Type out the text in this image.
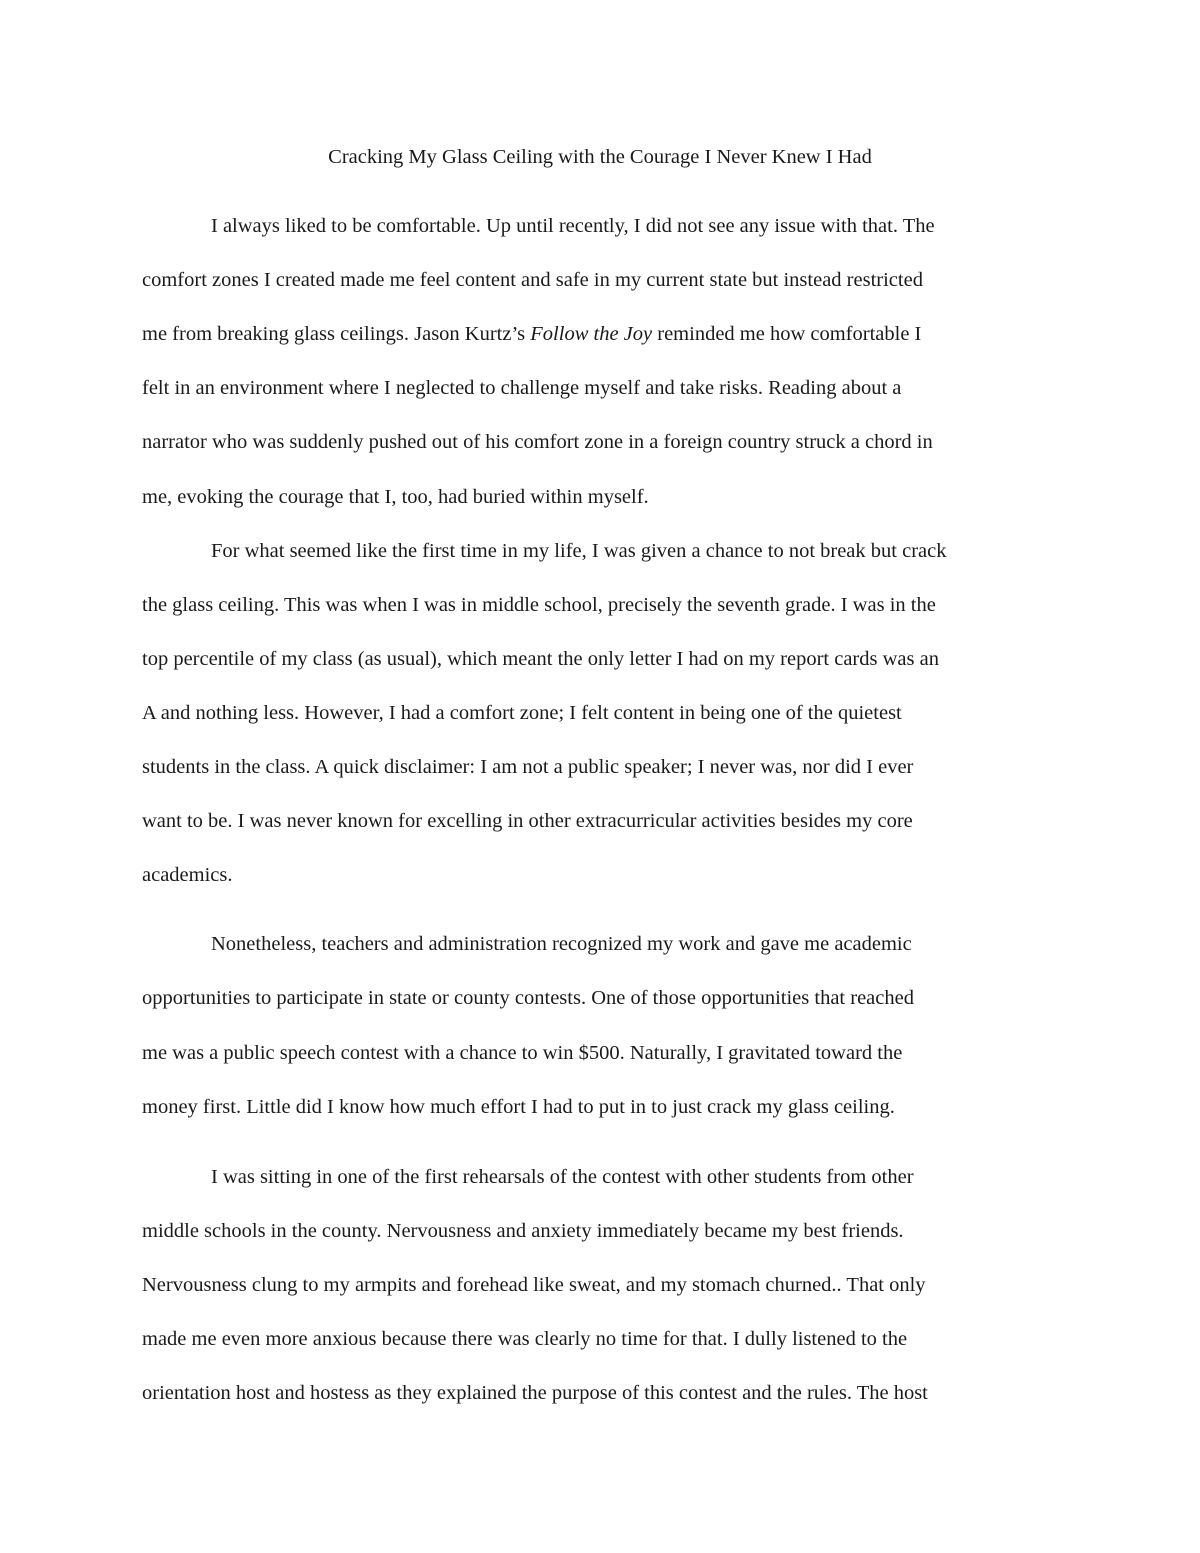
Cracking My Glass Ceiling with the Courage I Never Knew I Had
I always liked to be comfortable. Up until recently, I did not see any issue with that. The
comfort zones I created made me feel content and safe in my current state but instead restricted
me from breaking glass ceilings. Jason Kurtz’s Follow the Joy reminded me how comfortable I
felt in an environment where I neglected to challenge myself and take risks. Reading about a
narrator who was suddenly pushed out of his comfort zone in a foreign country struck a chord in
me, evoking the courage that I, too, had buried within myself.
For what seemed like the first time in my life, I was given a chance to not break but crack
the glass ceiling. This was when I was in middle school, precisely the seventh grade. I was in the
top percentile of my class (as usual), which meant the only letter I had on my report cards was an
A and nothing less. However, I had a comfort zone; I felt content in being one of the quietest
students in the class. A quick disclaimer: I am not a public speaker; I never was, nor did I ever
want to be. I was never known for excelling in other extracurricular activities besides my core
academics.
Nonetheless, teachers and administration recognized my work and gave me academic
opportunities to participate in state or county contests. One of those opportunities that reached
me was a public speech contest with a chance to win $500. Naturally, I gravitated toward the
money first. Little did I know how much effort I had to put in to just crack my glass ceiling.
I was sitting in one of the first rehearsals of the contest with other students from other
middle schools in the county. Nervousness and anxiety immediately became my best friends.
Nervousness clung to my armpits and forehead like sweat, and my stomach churned.. That only
made me even more anxious because there was clearly no time for that. I dully listened to the
orientation host and hostess as they explained the purpose of this contest and the rules. The host
